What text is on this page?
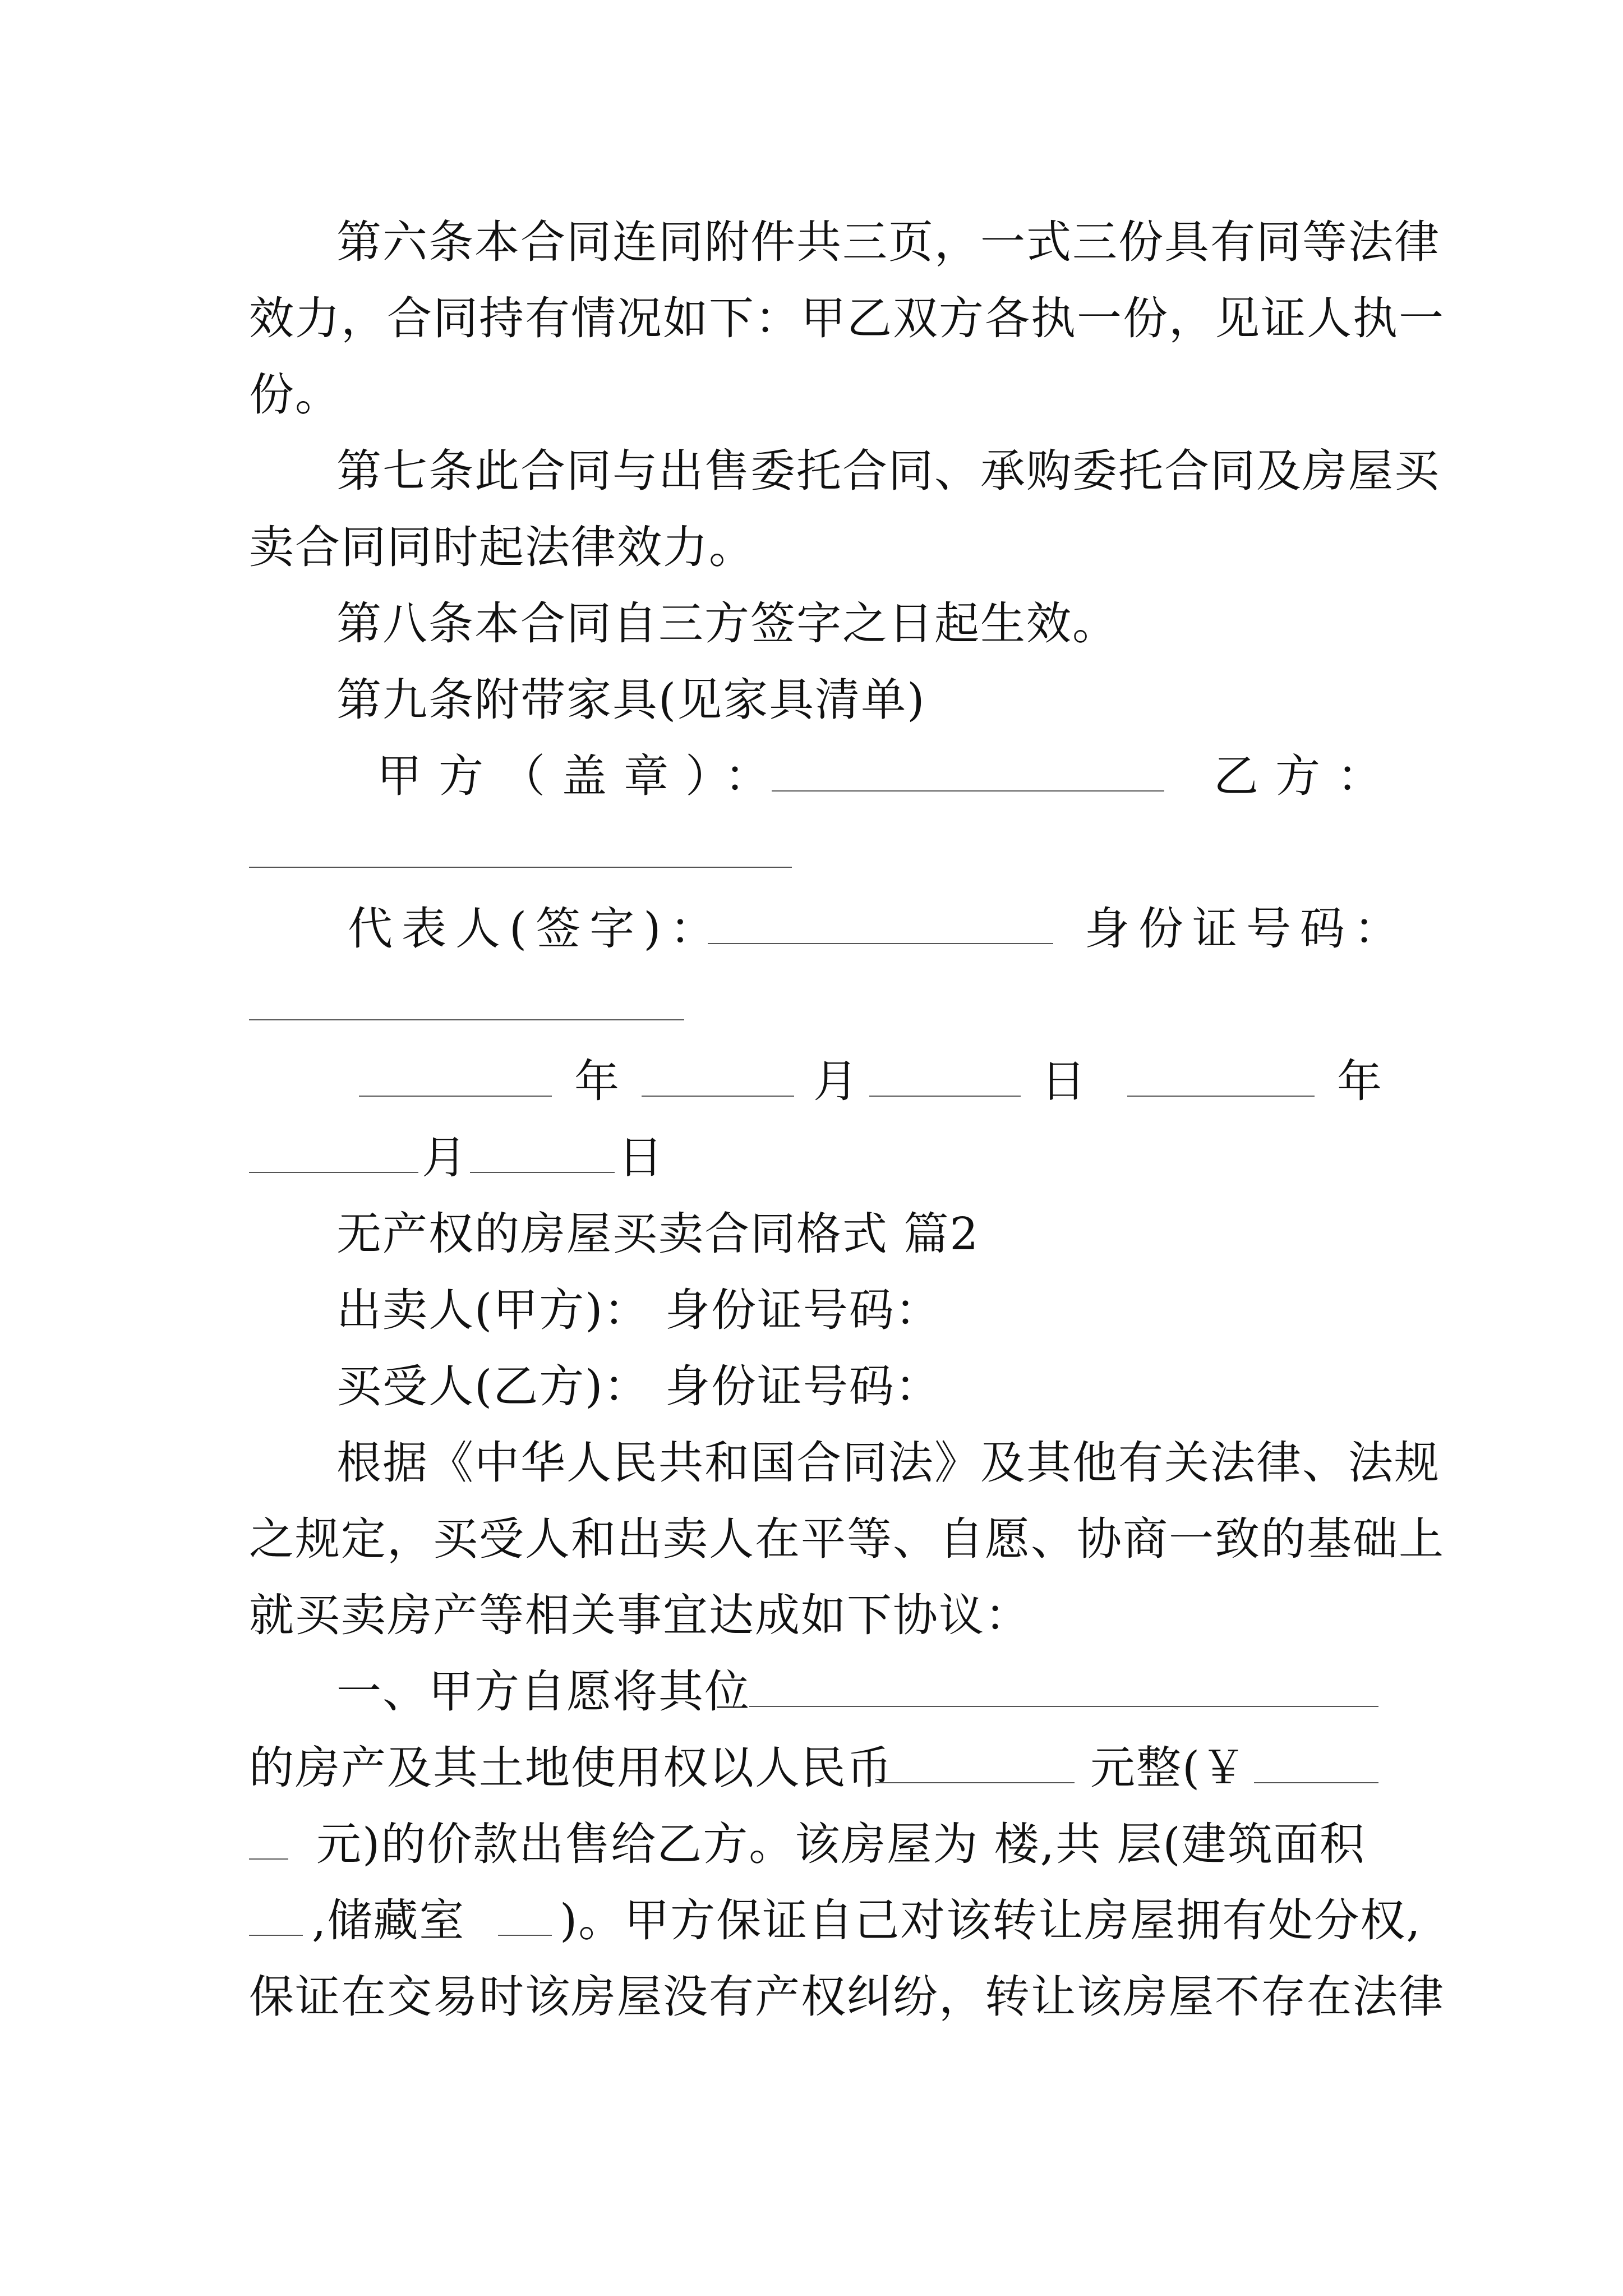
第六条本合同连同附件共三页，一式三份具有同等法律
效力，合同持有情况如下：甲乙双方各执一份，见证人执一
份。
第七条此合同与出售委托合同、承购委托合同及房屋买
卖合同同时起法律效力。
第八条本合同自三方签字之日起生效。
第九条附带家具(见家具清单)
甲方（盖章）：	乙方：
代表人(签字)：	身份证号码：
年	月	日	年
月	日
无产权的房屋买卖合同格式 篇2
出卖人(甲方)： 身份证号码：
买受人(乙方)： 身份证号码：
根据《中华人民共和国合同法》及其他有关法律、法规
之规定，买受人和出卖人在平等、自愿、协商一致的基础上
就买卖房产等相关事宜达成如下协议：
一、甲方自愿将其位
的房产及其土地使用权以人民币	元整(￥
元)的价款出售给乙方。该房屋为 楼,共 层(建筑面积
,储藏室 )。甲方保证自己对该转让房屋拥有处分权,
保证在交易时该房屋没有产权纠纷，转让该房屋不存在法律
